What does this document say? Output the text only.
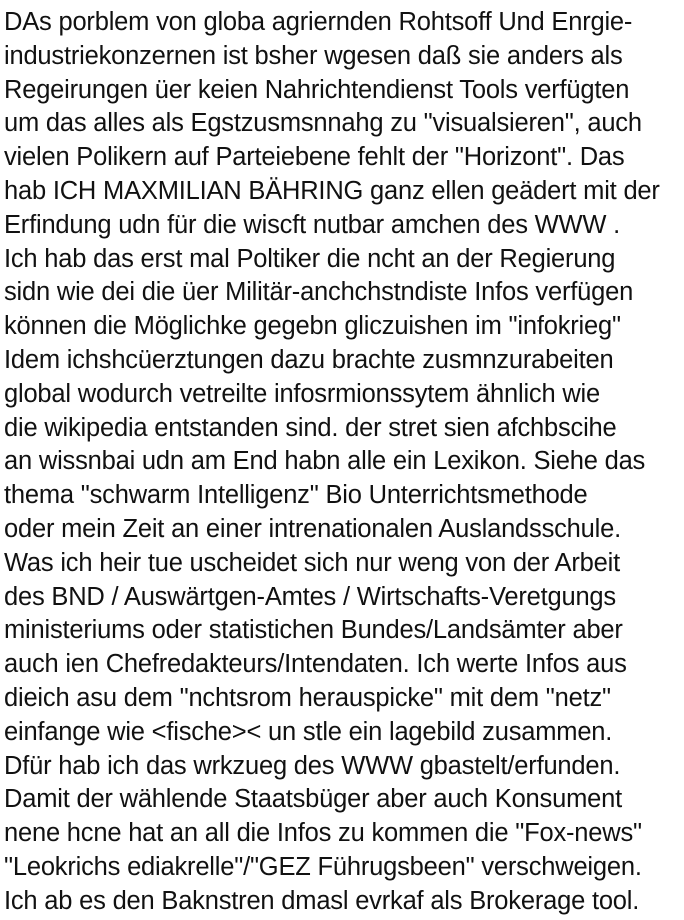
DAs porblem von globa agriernden Rohtsoff Und Enrgie-
industriekonzernen ist bsher wgesen daß sie anders als
Regeirungen üer keien Nahrichtendienst Tools verfügten
um das alles als Egstzusmsnnahg zu "visualsieren", auch
vielen Polikern auf Parteiebene fehlt der "Horizont". Das
hab ICH MAXMILIAN BÄHRING ganz ellen geädert mit der
Erfindung udn für die wiscft nutbar amchen des WWW .
Ich hab das erst mal Poltiker die ncht an der Regierung
sidn wie dei die üer Militär-anchchstndiste Infos verfügen
können die Möglichke gegebn gliczuishen im "infokrieg"
Idem ichshcüerztungen dazu brachte zusmnzurabeiten
global wodurch vetreilte infosrmionssytem ähnlich wie
die wikipedia entstanden sind. der stret sien afchbscihe
an wissnbai udn am End habn alle ein Lexikon. Siehe das
thema "schwarm Intelligenz" Bio Unterrichtsmethode
oder mein Zeit an einer intrenationalen Auslandsschule.
Was ich heir tue uscheidet sich nur weng von der Arbeit
des BND / Auswärtgen-Amtes / Wirtschafts-Veretgungs
ministeriums oder statistichen Bundes/Landsämter aber
auch ien Chefredakteurs/Intendaten. Ich werte Infos aus
dieich asu dem "nchtsrom herauspicke" mit dem "netz"
einfange wie <fische>< un stle ein lagebild zusammen.
Dfür hab ich das wrkzueg des WWW gbastelt/erfunden.
Damit der wählende Staatsbüger aber auch Konsument
nene hcne hat an all die Infos zu kommen die "Fox-news"
"Leokrichs ediakrelle"/"GEZ Führugsbeen" verschweigen.
Ich ab es den Baknstren dmasl evrkaf als Brokerage tool.
